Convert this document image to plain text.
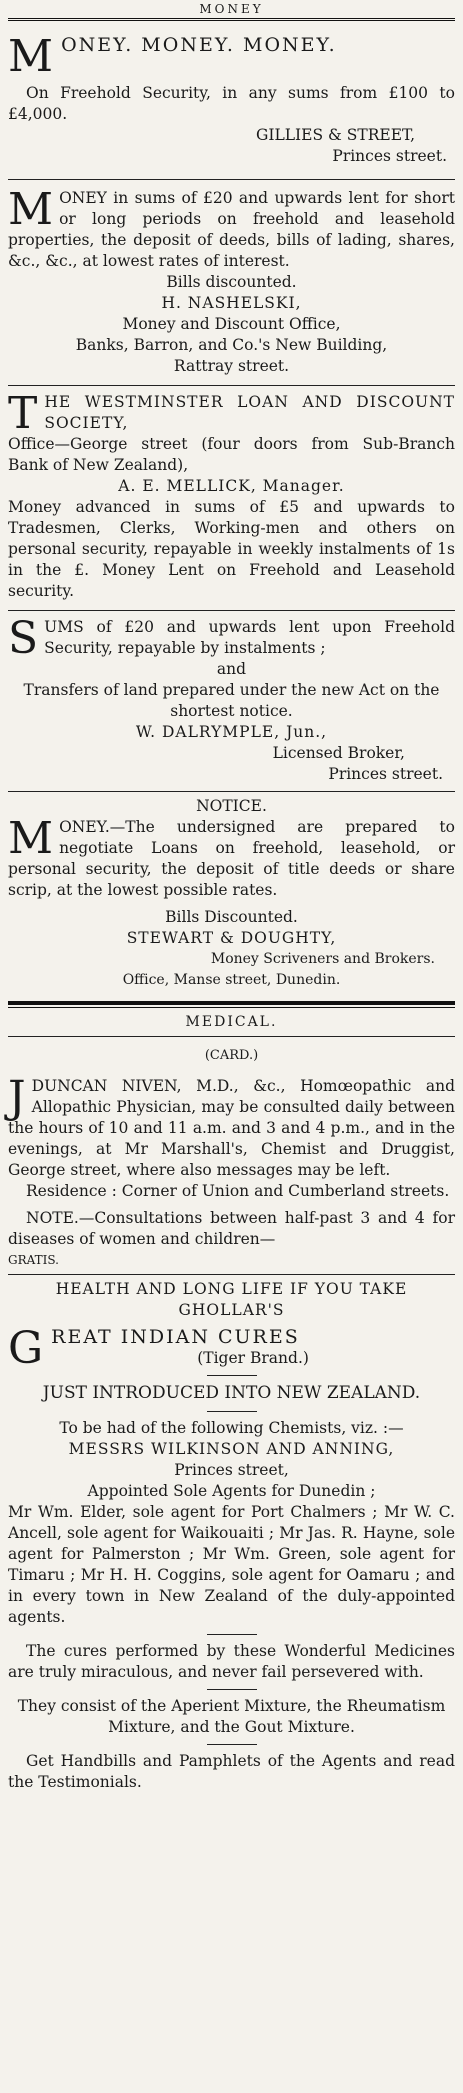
MONEY
MONEY. MONEY. MONEY.

On Freehold Security, in any sums from £100 to £4,000.

GILLIES & STREET,

Princes street.

MONEY in sums of £20 and upwards lent for short or long periods on freehold and leasehold properties, the deposit of deeds, bills of lading, shares, &c., &c., at lowest rates of interest.

Bills discounted.

H. NASHELSKI,

Money and Discount Office,

Banks, Barron, and Co.'s New Building,

Rattray street.

THE WESTMINSTER LOAN AND DISCOUNT SOCIETY,

Office—George street (four doors from Sub-Branch Bank of New Zealand),

A. E. MELLICK, Manager.

Money advanced in sums of £5 and upwards to Tradesmen, Clerks, Working-men and others on personal security, repayable in weekly instalments of 1s in the £. Money Lent on Freehold and Leasehold security.

SUMS of £20 and upwards lent upon Freehold Security, repayable by instalments ;

and

Transfers of land prepared under the new Act on the shortest notice.

W. DALRYMPLE, Jun.,

Licensed Broker,

Princes street.

NOTICE.

MONEY.—The undersigned are prepared to negotiate Loans on freehold, leasehold, or personal security, the deposit of title deeds or share scrip, at the lowest possible rates.

Bills Discounted.

STEWART & DOUGHTY,

Money Scriveners and Brokers.

Office, Manse street, Dunedin.

MEDICAL.

(CARD.)

JDUNCAN NIVEN, M.D., &c., Homœopathic and Allopathic Physician, may be consulted daily between the hours of 10 and 11 a.m. and 3 and 4 p.m., and in the evenings, at Mr Marshall's, Chemist and Druggist, George street, where also messages may be left.

Residence : Corner of Union and Cumberland streets.

NOTE.—Consultations between half-past 3 and 4 for diseases of women and children—

GRATIS.

HEALTH AND LONG LIFE IF YOU TAKE GHOLLAR'S

GREAT INDIAN CURES

(Tiger Brand.)

JUST INTRODUCED INTO NEW ZEALAND.

To be had of the following Chemists, viz. :—

MESSRS WILKINSON AND ANNING,

Princes street,

Appointed Sole Agents for Dunedin ;

Mr Wm. Elder, sole agent for Port Chalmers ; Mr W. C. Ancell, sole agent for Waikouaiti ; Mr Jas. R. Hayne, sole agent for Palmerston ; Mr Wm. Green, sole agent for Timaru ; Mr H. H. Coggins, sole agent for Oamaru ; and in every town in New Zealand of the duly-appointed agents.

The cures performed by these Wonderful Medicines are truly miraculous, and never fail persevered with.

They consist of the Aperient Mixture, the Rheumatism Mixture, and the Gout Mixture.

Get Handbills and Pamphlets of the Agents and read the Testimonials.
